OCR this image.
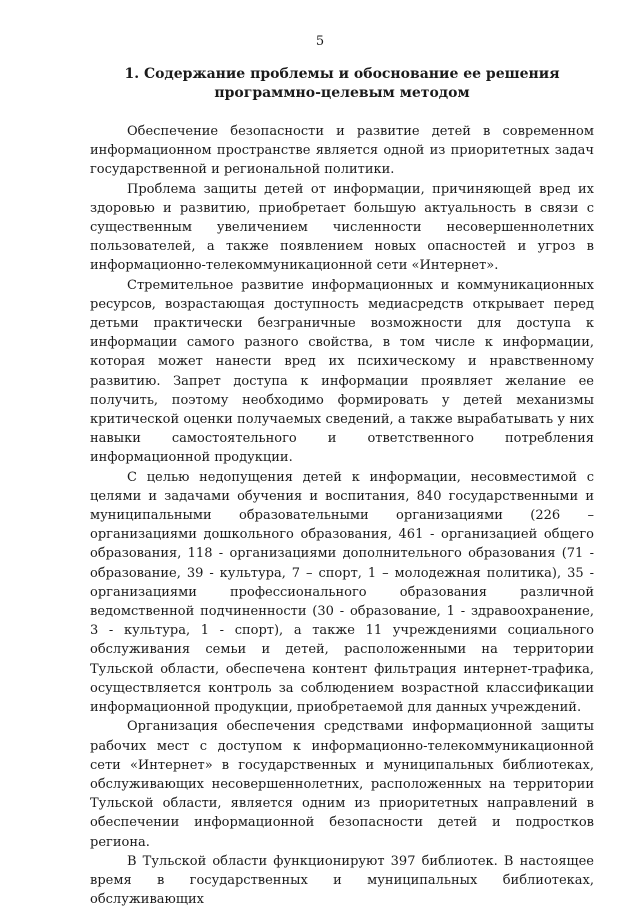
5
1. Содержание проблемы и обоснование ее решения
программно-целевым методом

Обеспечение безопасности и развитие детей в современном информационном пространстве является одной из приоритетных задач государственной и региональной политики.

Проблема защиты детей от информации, причиняющей вред их здоровью и развитию, приобретает большую актуальность в связи с существенным увеличением численности несовершеннолетних пользователей, а также появлением новых опасностей и угроз в информационно-телекоммуникационной сети «Интернет».

Стремительное развитие информационных и коммуникационных ресурсов, возрастающая доступность медиасредств открывает перед детьми практически безграничные возможности для доступа к информации самого разного свойства, в том числе к информации, которая может нанести вред их психическому и нравственному развитию. Запрет доступа к информации проявляет желание ее получить, поэтому необходимо формировать у детей механизмы критической оценки получаемых сведений, а также вырабатывать у них навыки самостоятельного и ответственного потребления информационной продукции.

С целью недопущения детей к информации, несовместимой с целями и задачами обучения и воспитания, 840 государственными и муниципальными образовательными организациями (226 – организациями дошкольного образования, 461 - организацией общего образования, 118 - организациями дополнительного образования (71 - образование, 39 - культура, 7 – спорт, 1 – молодежная политика), 35 - организациями профессионального образования различной ведомственной подчиненности (30 - образование, 1 - здравоохранение, 3 - культура, 1 - спорт), а также 11 учреждениями социального обслуживания семьи и детей, расположенными на территории Тульской области, обеспечена контент фильтрация интернет-трафика, осуществляется контроль за соблюдением возрастной классификации информационной продукции, приобретаемой для данных учреждений.

Организация обеспечения средствами информационной защиты рабочих мест с доступом к информационно-телекоммуникационной сети «Интернет» в государственных и муниципальных библиотеках, обслуживающих несовершеннолетних, расположенных на территории Тульской области, является одним из приоритетных направлений в обеспечении информационной безопасности детей и подростков региона.

В Тульской области функционируют 397 библиотек. В настоящее время в государственных и муниципальных библиотеках, обслуживающих
